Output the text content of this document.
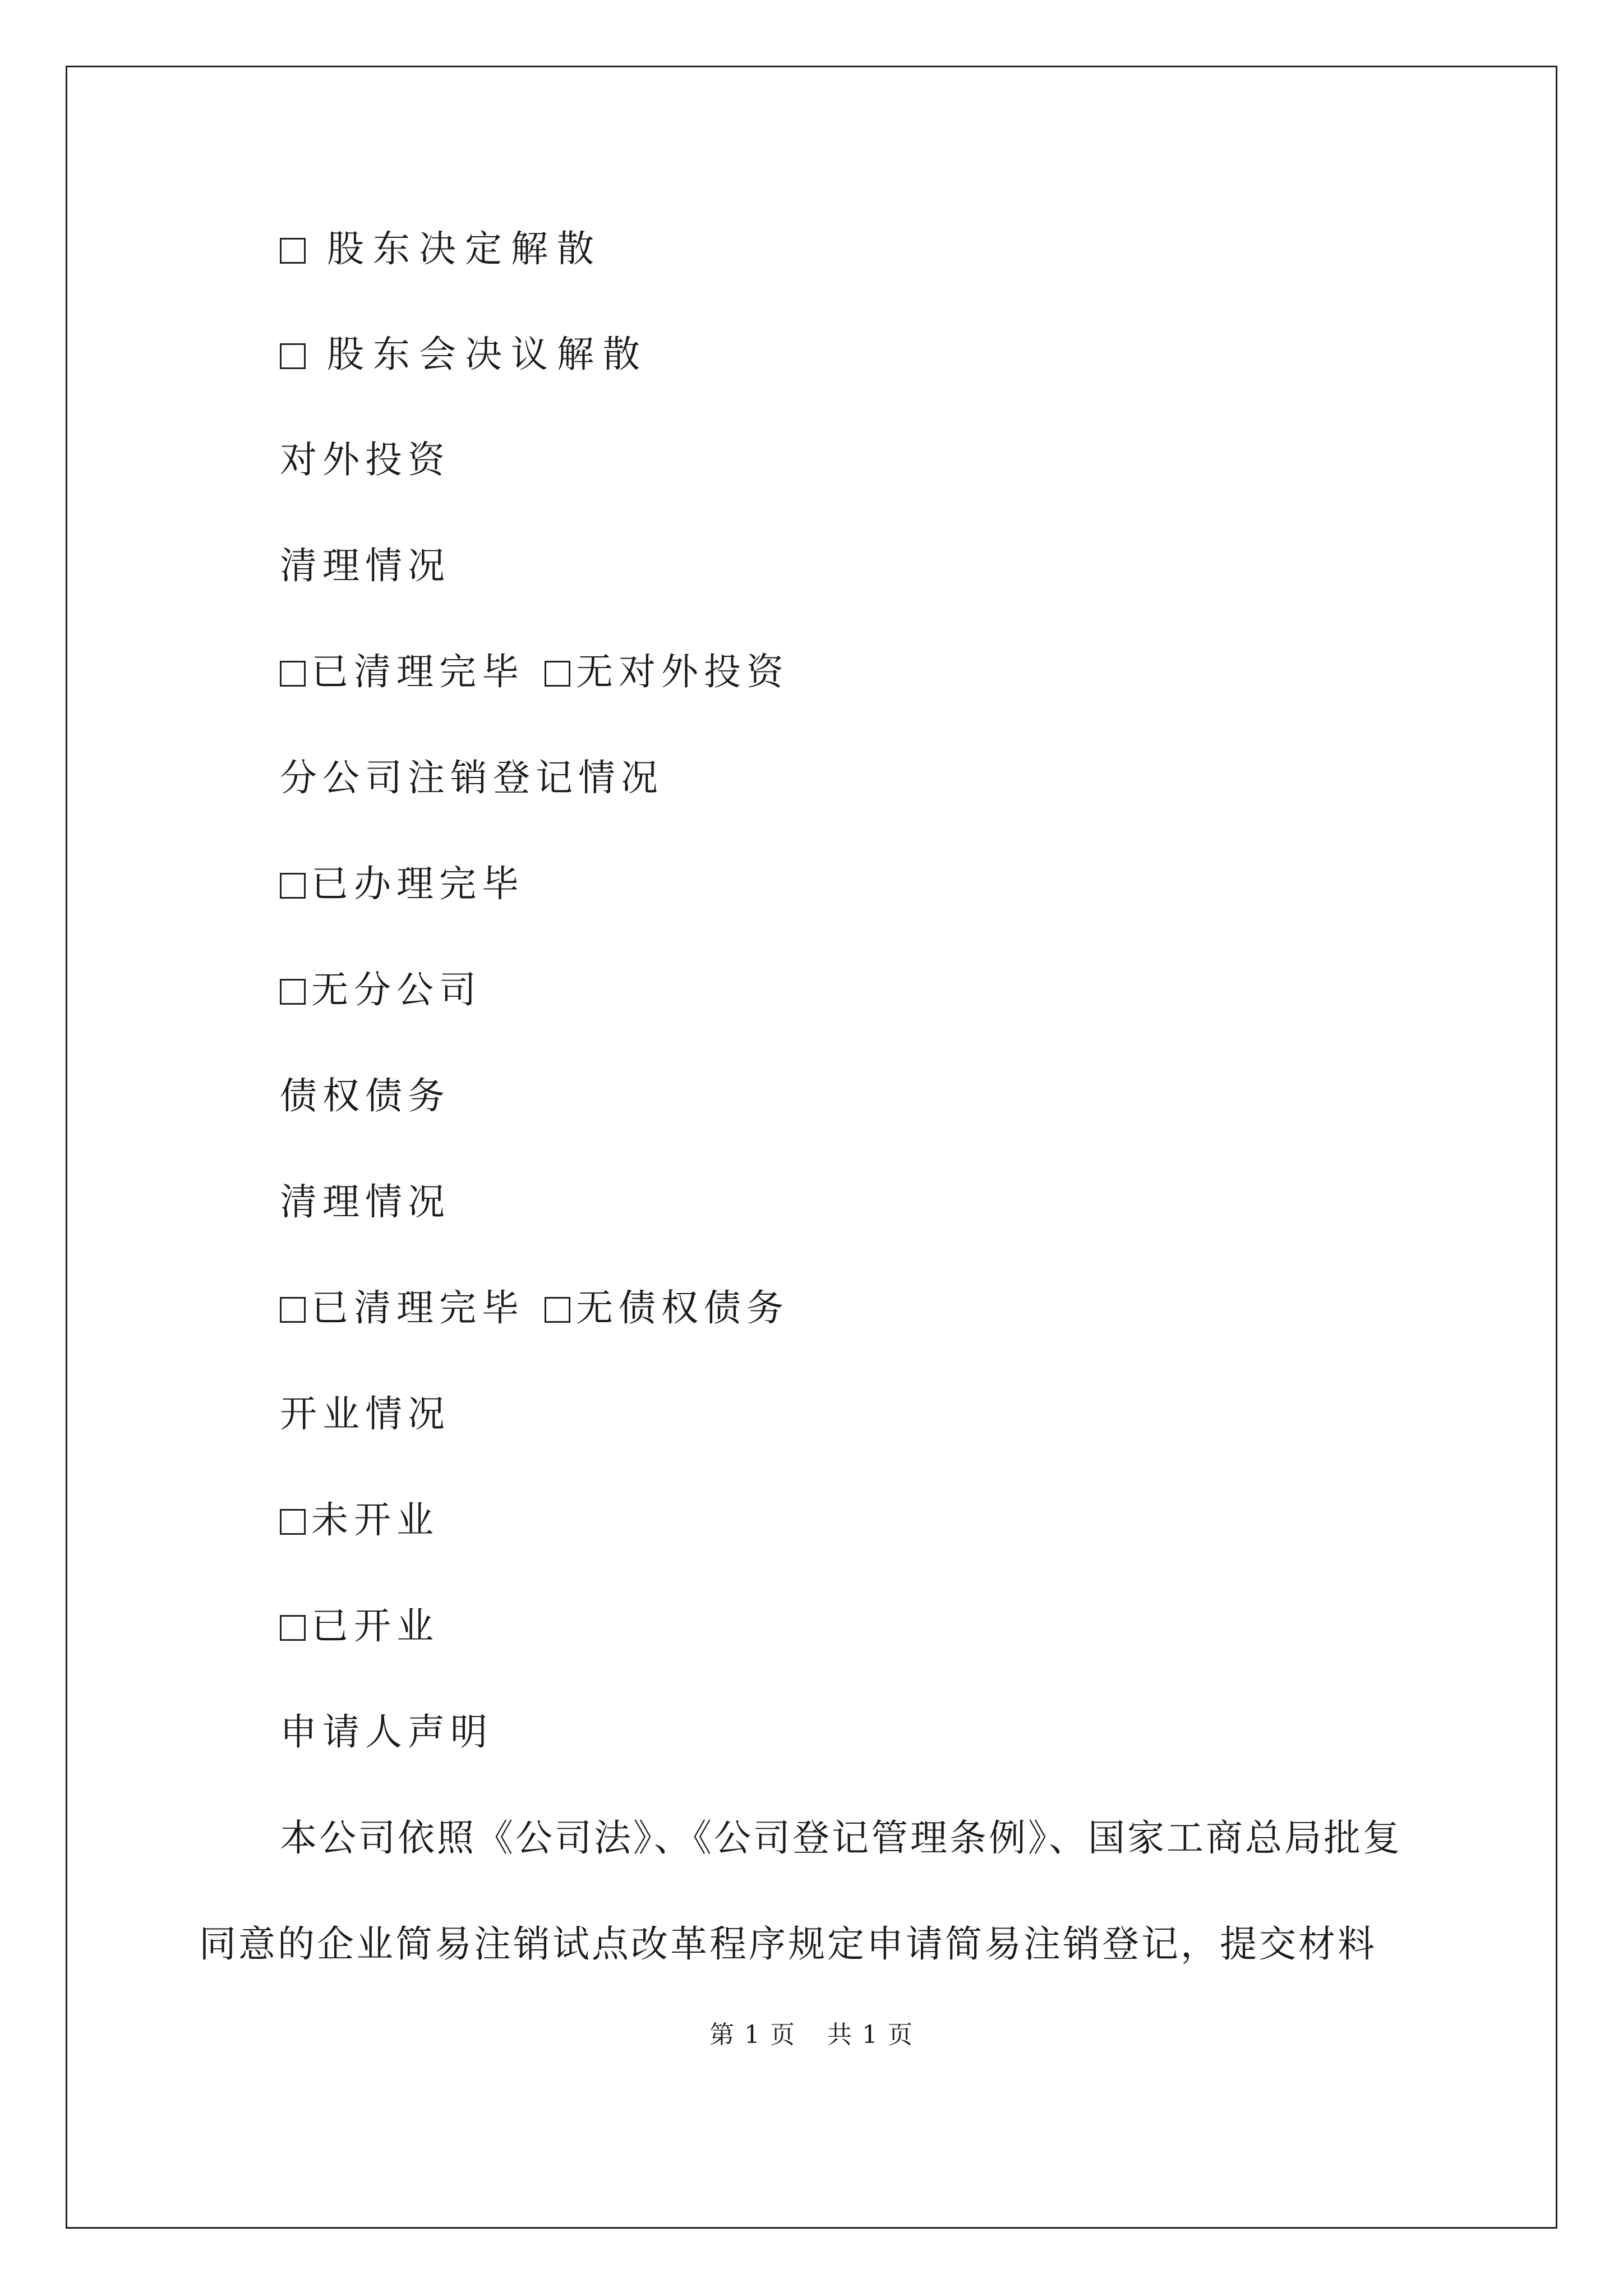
股东决定解散
股东会决议解散
对外投资
清理情况
已清理完毕 无对外投资
分公司注销登记情况
已办理完毕
无分公司
债权债务
清理情况
已清理完毕 无债权债务
开业情况
未开业
已开业
申请人声明
本公司依照《公司法》、《公司登记管理条例》、国家工商总局批复
同意的企业简易注销试点改革程序规定申请简易注销登记，提交材料
第 1 页 共 1 页
